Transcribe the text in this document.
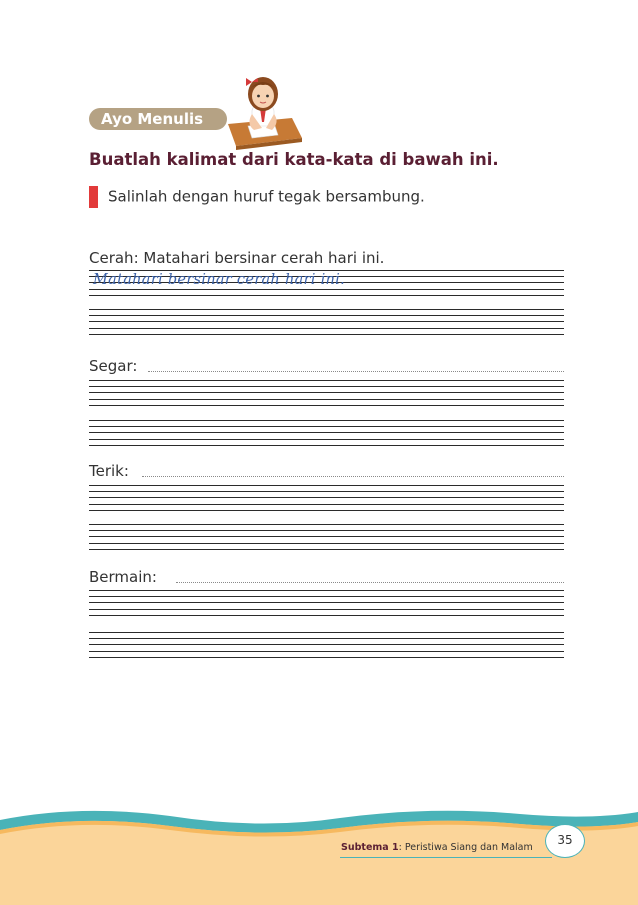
Ayo Menulis
Buatlah kalimat dari kata-kata di bawah ini.
Salinlah dengan huruf tegak bersambung.
Cerah: Matahari bersinar cerah hari ini.
Matahari bersinar cerah hari ini.
Segar:
Terik:
Bermain:
Subtema 1: Peristiwa Siang dan Malam
35
